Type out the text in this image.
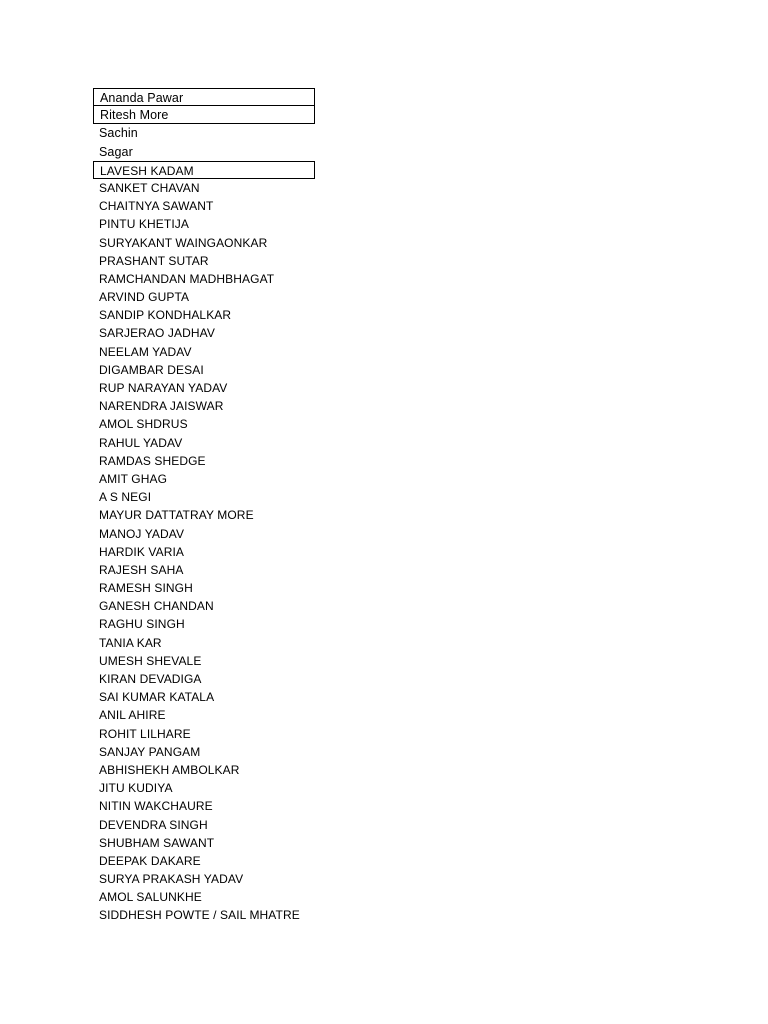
Ananda Pawar
Ritesh More
Sachin
Sagar
LAVESH KADAM
SANKET CHAVAN
CHAITNYA SAWANT
PINTU KHETIJA
SURYAKANT WAINGAONKAR
PRASHANT SUTAR
RAMCHANDAN MADHBHAGAT
ARVIND GUPTA
SANDIP KONDHALKAR
SARJERAO JADHAV
NEELAM YADAV
DIGAMBAR DESAI
RUP NARAYAN YADAV
NARENDRA JAISWAR
AMOL SHDRUS
RAHUL YADAV
RAMDAS SHEDGE
AMIT GHAG
A S NEGI
MAYUR DATTATRAY MORE
MANOJ YADAV
HARDIK VARIA
RAJESH SAHA
RAMESH SINGH
GANESH CHANDAN
RAGHU SINGH
TANIA KAR
UMESH SHEVALE
KIRAN DEVADIGA
SAI KUMAR KATALA
ANIL AHIRE
ROHIT LILHARE
SANJAY PANGAM
ABHISHEKH AMBOLKAR
JITU KUDIYA
NITIN WAKCHAURE
DEVENDRA SINGH
SHUBHAM SAWANT
DEEPAK DAKARE
SURYA PRAKASH YADAV
AMOL SALUNKHE
SIDDHESH POWTE / SAIL MHATRE
